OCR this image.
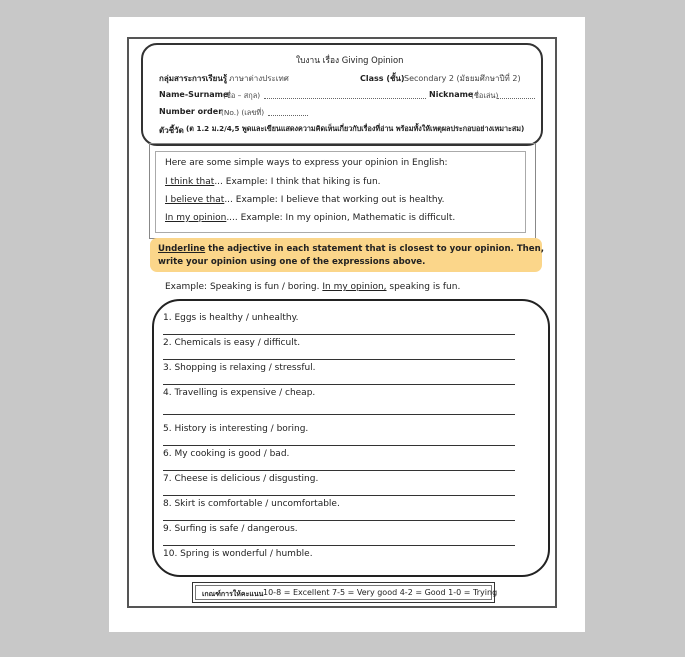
ใบงาน เรื่อง Giving Opinion
กลุ่มสาระการเรียนรู้ ภาษาต่างประเทศ	Class (ชั้น) Secondary 2 (มัธยมศึกษาปีที่ 2)
Name-Surname
(ชื่อ – สกุล)	Nickname
(ชื่อเล่น)
Number order
(No.) (เลขที่)
ตัวชี้วัด (ต 1.2 ม.2/4,5 พูดและเขียนแสดงความคิดเห็นเกี่ยวกับเรื่องที่อ่าน พร้อมทั้งให้เหตุผลประกอบอย่างเหมาะสม)
Here are some simple ways to express your opinion in English:
I think that... Example: I think that hiking is fun.
I believe that... Example: I believe that working out is healthy.
In my opinion.... Example: In my opinion, Mathematic is difficult.
Underline the adjective in each statement that is closest to your opinion. Then,
write your opinion using one of the expressions above.
Example: Speaking is fun / boring. In my opinion, speaking is fun.
1. Eggs is healthy / unhealthy.
2. Chemicals is easy / difficult.
3. Shopping is relaxing / stressful.
4. Travelling is expensive / cheap.
5. History is interesting / boring.
6. My cooking is good / bad.
7. Cheese is delicious / disgusting.
8. Skirt is comfortable / uncomfortable.
9. Surfing is safe / dangerous.
10. Spring is wonderful / humble.
เกณฑ์การให้คะแนน 10-8 = Excellent 7-5 = Very good 4-2 = Good 1-0 = Trying
